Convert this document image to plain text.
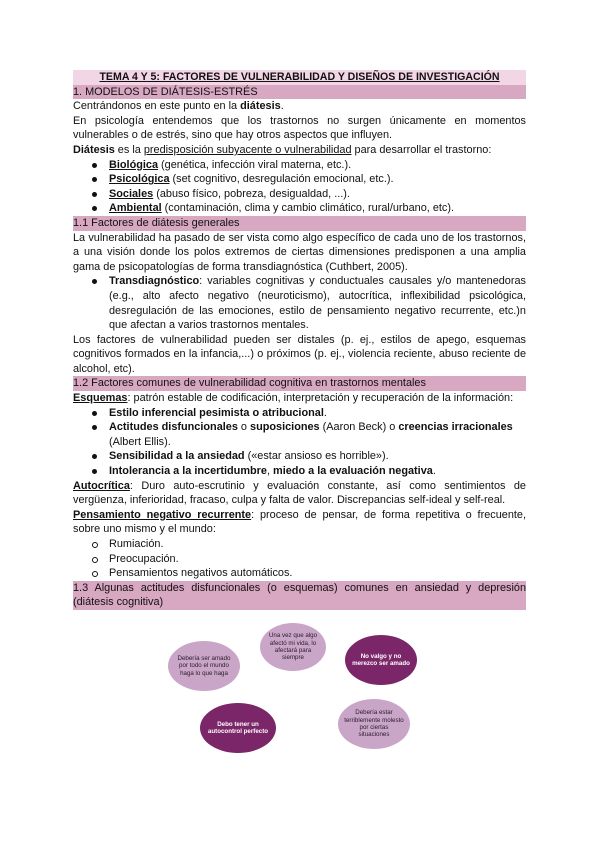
TEMA 4 Y 5: FACTORES DE VULNERABILIDAD Y DISEÑOS DE INVESTIGACIÓN

1. MODELOS DE DIÁTESIS-ESTRÉS

Centrándonos en este punto en la diátesis.

En psicología entendemos que los trastornos no surgen únicamente en momentos vulnerables o de estrés, sino que hay otros aspectos que influyen.

Diátesis es la predisposición subyacente o vulnerabilidad para desarrollar el trastorno:

Biológica (genética, infección viral materna, etc.).
Psicológica (set cognitivo, desregulación emocional, etc.).
Sociales (abuso físico, pobreza, desigualdad, ...).
Ambiental (contaminación, clima y cambio climático, rural/urbano, etc).

1.1 Factores de diátesis generales

La vulnerabilidad ha pasado de ser vista como algo específico de cada uno de los trastornos, a una visión donde los polos extremos de ciertas dimensiones predisponen a una amplia gama de psicopatologías de forma transdiagnóstica (Cuthbert, 2005).

Transdiagnóstico: variables cognitivas y conductuales causales y/o mantenedoras (e.g., alto afecto negativo (neuroticismo), autocrítica, inflexibilidad psicológica, desregulación de las emociones, estilo de pensamiento negativo recurrente, etc.)n que afectan a varios trastornos mentales.

Los factores de vulnerabilidad pueden ser distales (p. ej., estilos de apego, esquemas cognitivos formados en la infancia,...) o próximos (p. ej., violencia reciente, abuso reciente de alcohol, etc).

1.2 Factores comunes de vulnerabilidad cognitiva en trastornos mentales

Esquemas: patrón estable de codificación, interpretación y recuperación de la información:

Estilo inferencial pesimista o atribucional.
Actitudes disfuncionales o suposiciones (Aaron Beck) o creencias irracionales (Albert Ellis).
Sensibilidad a la ansiedad («estar ansioso es horrible»).
Intolerancia a la incertidumbre, miedo a la evaluación negativa.

Autocrítica: Duro auto-escrutinio y evaluación constante, así como sentimientos de vergüenza, inferioridad, fracaso, culpa y falta de valor. Discrepancias self-ideal y self-real.

Pensamiento negativo recurrente: proceso de pensar, de forma repetitiva o frecuente, sobre uno mismo y el mundo:

Rumiación.
Preocupación.
Pensamientos negativos automáticos.

1.3 Algunas actitudes disfuncionales (o esquemas) comunes en ansiedad y depresión (diátesis cognitiva)

Debería ser amado por todo el mundo haga lo que haga
Una vez que algo afectó mi vida, lo afectará para siempre	No valgo y no merezco ser amado
Debo tener un autocontrol perfecto
Debería estar terriblemente molesto por ciertas situaciones
